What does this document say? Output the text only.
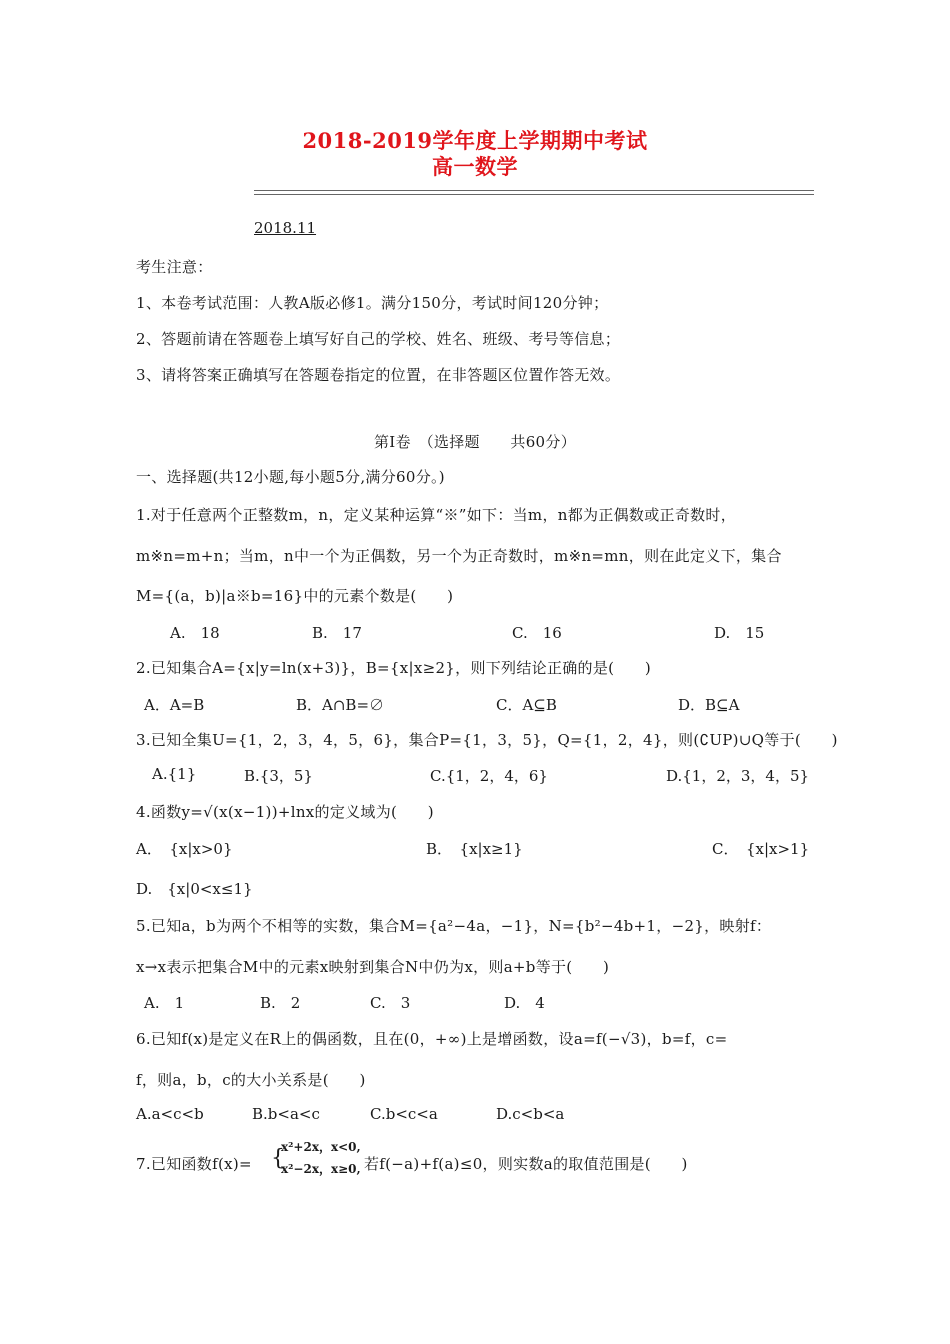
2018-2019学年度上学期期中考试
高一数学
2018.11
考生注意：
1、本卷考试范围：人教A版必修1。满分150分，考试时间120分钟；
2、答题前请在答题卷上填写好自己的学校、姓名、班级、考号等信息；
3、请将答案正确填写在答题卷指定的位置，在非答题区位置作答无效。
第Ⅰ卷　（选择题　　共60分）
一、选择题(共12小题,每小题5分,满分60分。)
1.对于任意两个正整数m，n，定义某种运算“※”如下：当m，n都为正偶数或正奇数时，
m※n=m+n；当m，n中一个为正偶数，另一个为正奇数时，m※n=mn，则在此定义下，集合
M={(a，b)|a※b=16}中的元素个数是(　　)
A.　18	B.　17	C.　16	D.　15
2.已知集合A={x|y=ln(x+3)}，B={x|x≥2}，则下列结论正确的是(　　)
A．A=B	B．A∩B=∅	C．A⊆B	D．B⊆A
3.已知全集U={1，2，3，4，5，6}，集合P={1，3，5}，Q={1，2，4}，则(∁UP)∪Q等于(　　)
A.{1}	B.{3，5}	C.{1，2，4，6}	D.{1，2，3，4，5}
4.函数y=√(x(x−1))+lnx的定义域为(　　)
A．　{x|x>0}	B．　{x|x≥1}	C．　{x|x>1}
D.　{x|0<x≤1}
5.已知a，b为两个不相等的实数，集合M={a²−4a，−1}，N={b²−4b+1，−2}，映射f：
x→x表示把集合M中的元素x映射到集合N中仍为x，则a+b等于(　　)
A.　1	B.　2	C.　3	D.　4
6.已知f(x)是定义在R上的偶函数，且在(0，+∞)上是增函数，设a=f(−√3)，b=f，c=
f，则a，b，c的大小关系是(　　)
A.a<c<b	B.b<a<c	C.b<c<a	D.c<b<a
7.已知函数f(x)= {
x²+2x，x<0,
x²−2x，x≥0, 若f(−a)+f(a)≤0，则实数a的取值范围是(　　)
